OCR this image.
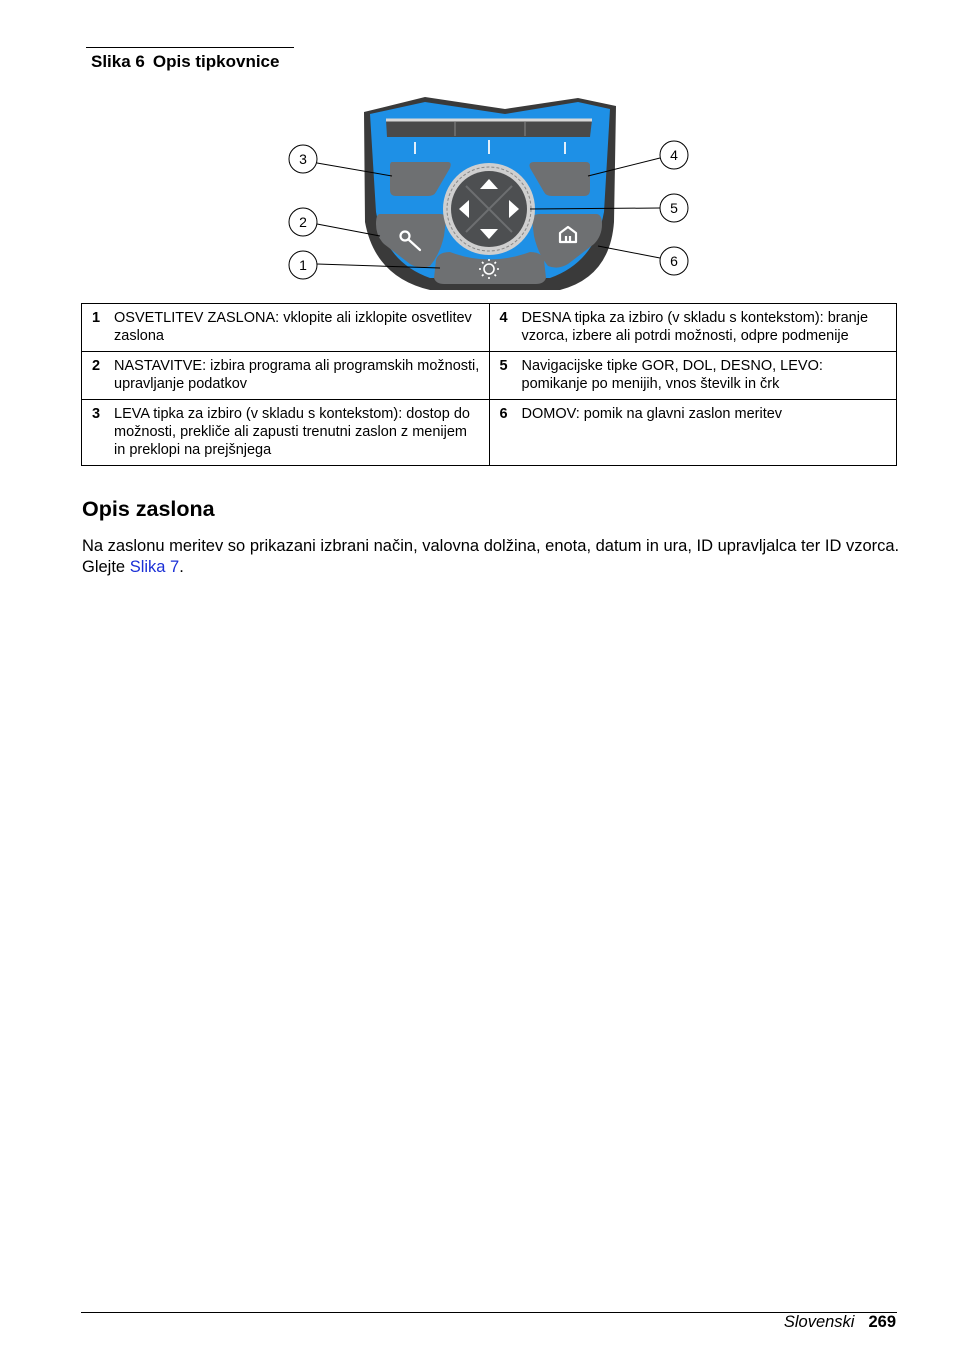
Slika 6 Opis tipkovnice
3
2
1
4
5
6
1 OSVETLITEV ZASLONA: vklopite ali izklopite osvetlitev zaslona	4 DESNA tipka za izbiro (v skladu s kontekstom): branje vzorca, izbere ali potrdi možnosti, odpre podmenije

2 NASTAVITVE: izbira programa ali programskih možnosti, upravljanje podatkov	5 Navigacijske tipke GOR, DOL, DESNO, LEVO: pomikanje po menijih, vnos številk in črk

3 LEVA tipka za izbiro (v skladu s kontekstom): dostop do možnosti, prekliče ali zapusti trenutni zaslon z menijem in preklopi na prejšnjega	6 DOMOV: pomik na glavni zaslon meritev
Opis zaslona

Na zaslonu meritev so prikazani izbrani način, valovna dolžina, enota, datum in ura, ID upravljalca ter ID vzorca. Glejte Slika 7.

Slovenski 269
